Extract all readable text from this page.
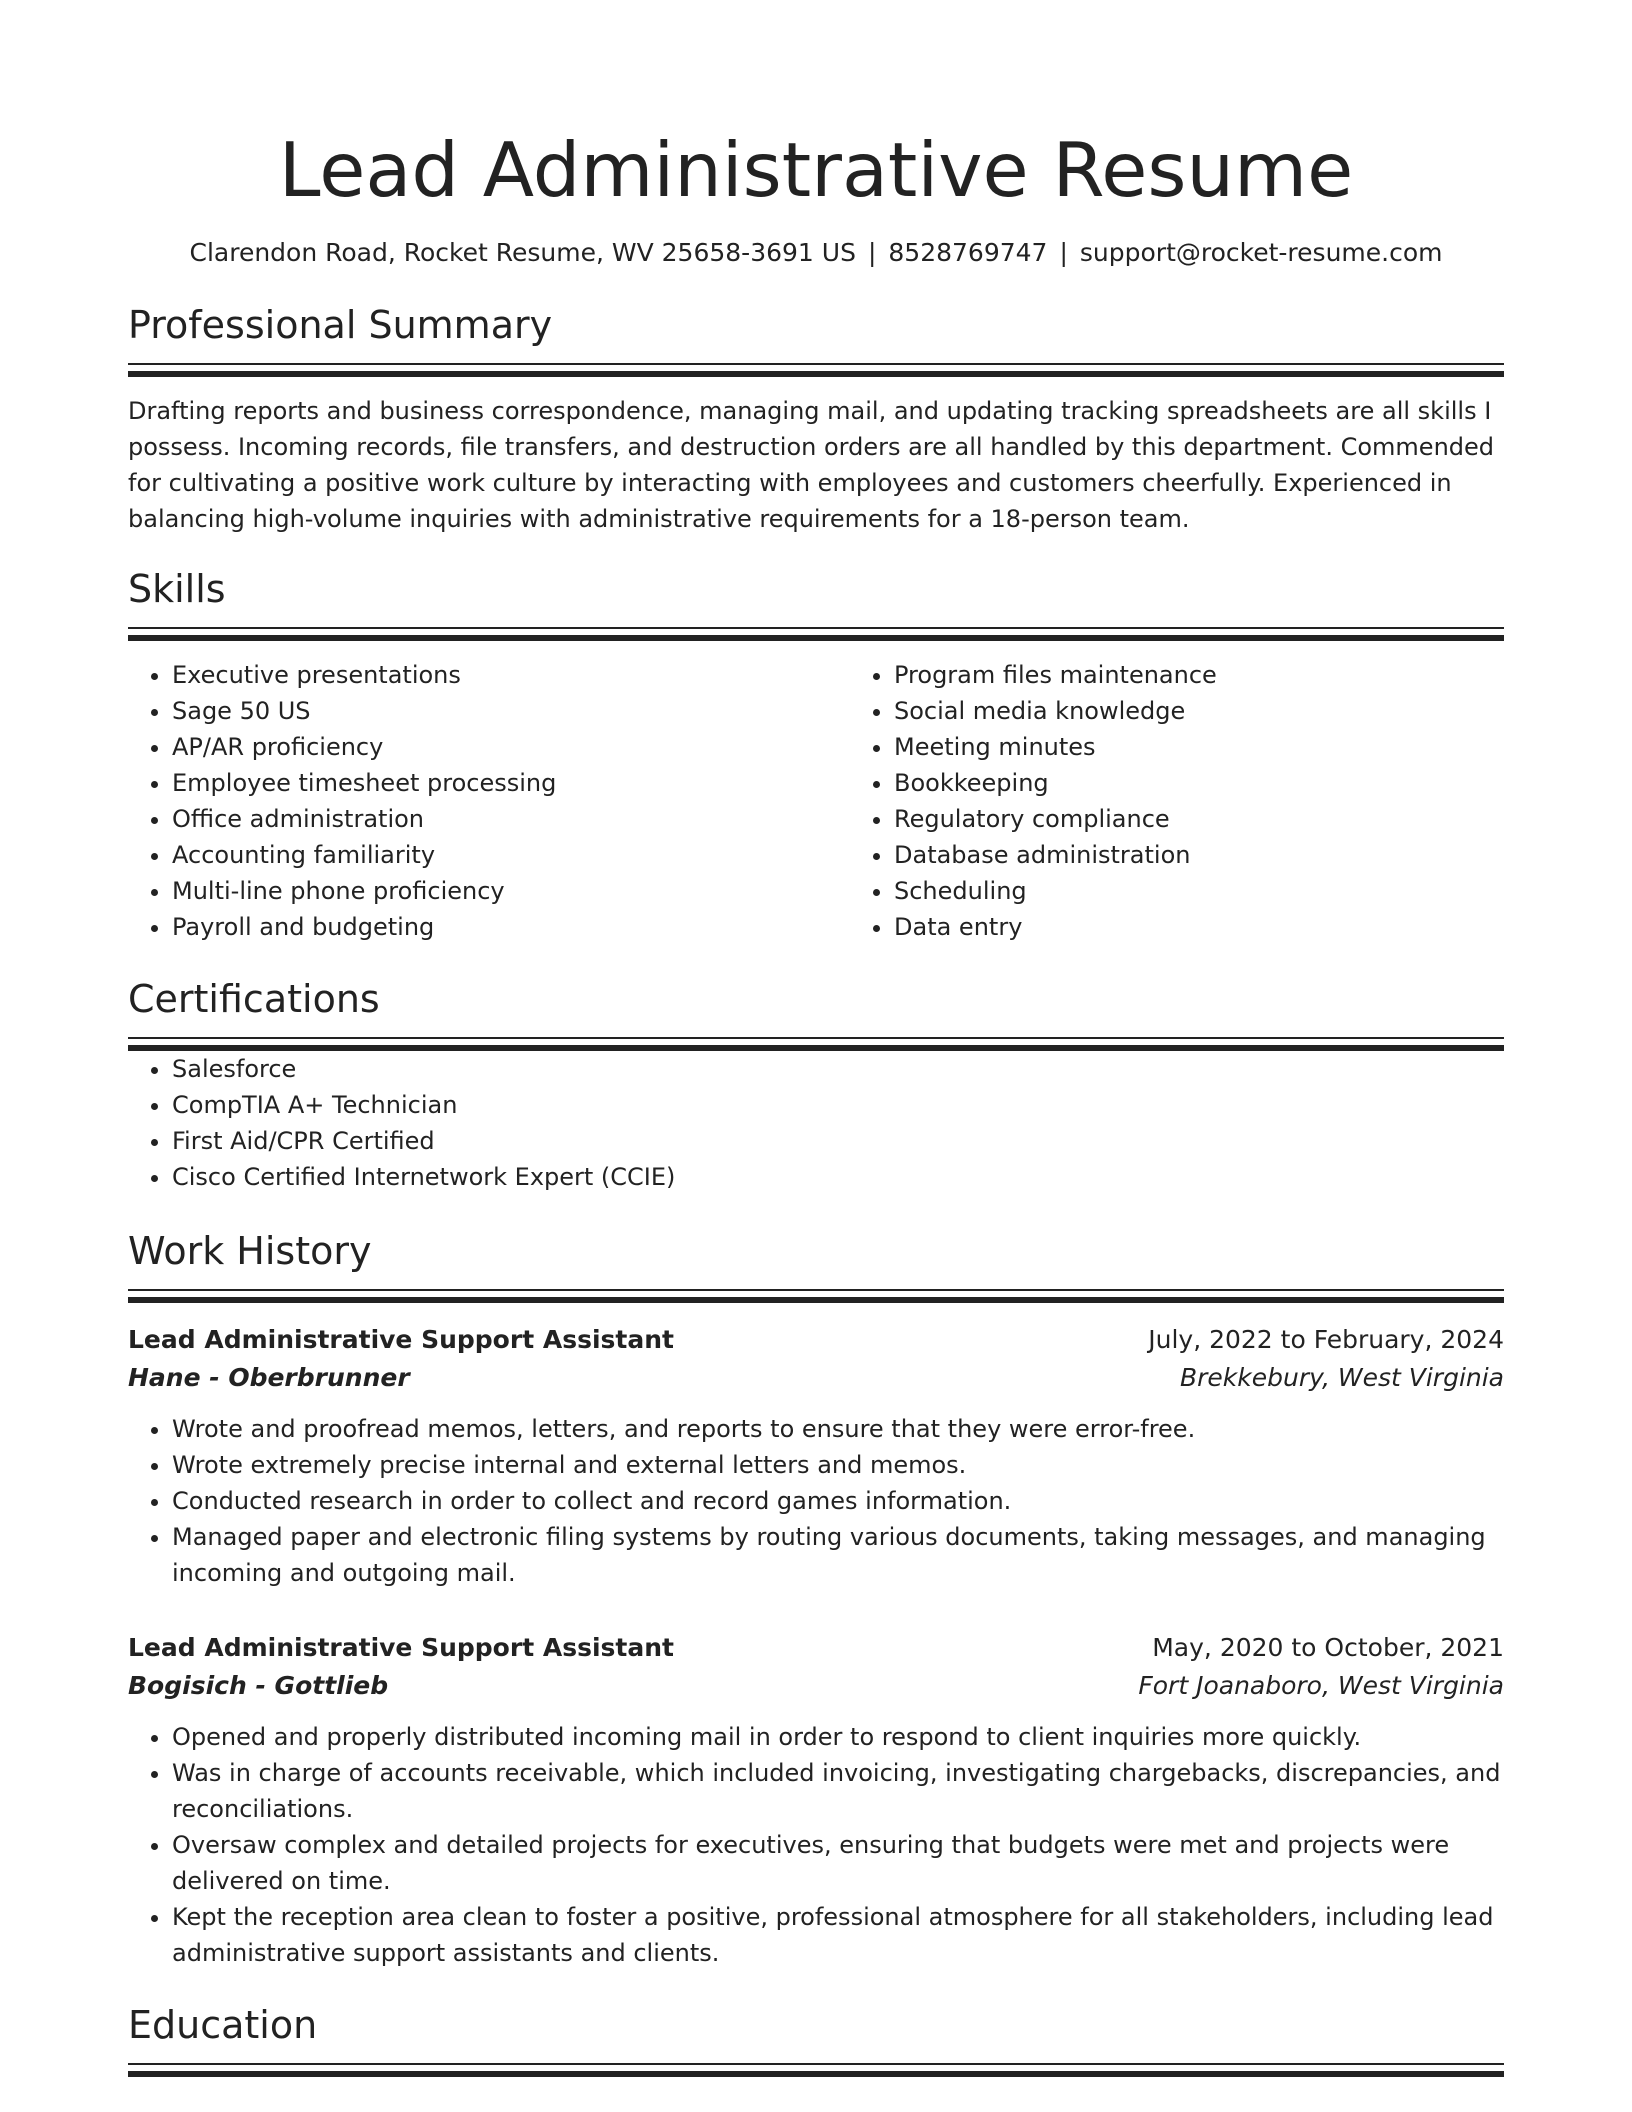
Lead Administrative Resume
Clarendon Road, Rocket Resume, WV 25658-3691 US | 8528769747 | support@rocket-resume.com
Professional Summary

Drafting reports and business correspondence, managing mail, and updating tracking spreadsheets are all skills I possess. Incoming records, file transfers, and destruction orders are all handled by this department. Commended for cultivating a positive work culture by interacting with employees and customers cheerfully. Experienced in balancing high-volume inquiries with administrative requirements for a 18-person team.

Skills
• Executive presentations
• Sage 50 US
• AP/AR proficiency
• Employee timesheet processing
• Office administration
• Accounting familiarity
• Multi-line phone proficiency
• Payroll and budgeting
• Program files maintenance
• Social media knowledge
• Meeting minutes
• Bookkeeping
• Regulatory compliance
• Database administration
• Scheduling
• Data entry
Certifications
• Salesforce
• CompTIA A+ Technician
• First Aid/CPR Certified
• Cisco Certified Internetwork Expert (CCIE)
Work History
Lead Administrative Support Assistant	July, 2022 to February, 2024
Hane - Oberbrunner	Brekkebury, West Virginia
• Wrote and proofread memos, letters, and reports to ensure that they were error-free.
• Wrote extremely precise internal and external letters and memos.
• Conducted research in order to collect and record games information.
• Managed paper and electronic filing systems by routing various documents, taking messages, and managing incoming and outgoing mail.
Lead Administrative Support Assistant	May, 2020 to October, 2021
Bogisich - Gottlieb	Fort Joanaboro, West Virginia
• Opened and properly distributed incoming mail in order to respond to client inquiries more quickly.
• Was in charge of accounts receivable, which included invoicing, investigating chargebacks, discrepancies, and reconciliations.
• Oversaw complex and detailed projects for executives, ensuring that budgets were met and projects were delivered on time.
• Kept the reception area clean to foster a positive, professional atmosphere for all stakeholders, including lead administrative support assistants and clients.
Education
